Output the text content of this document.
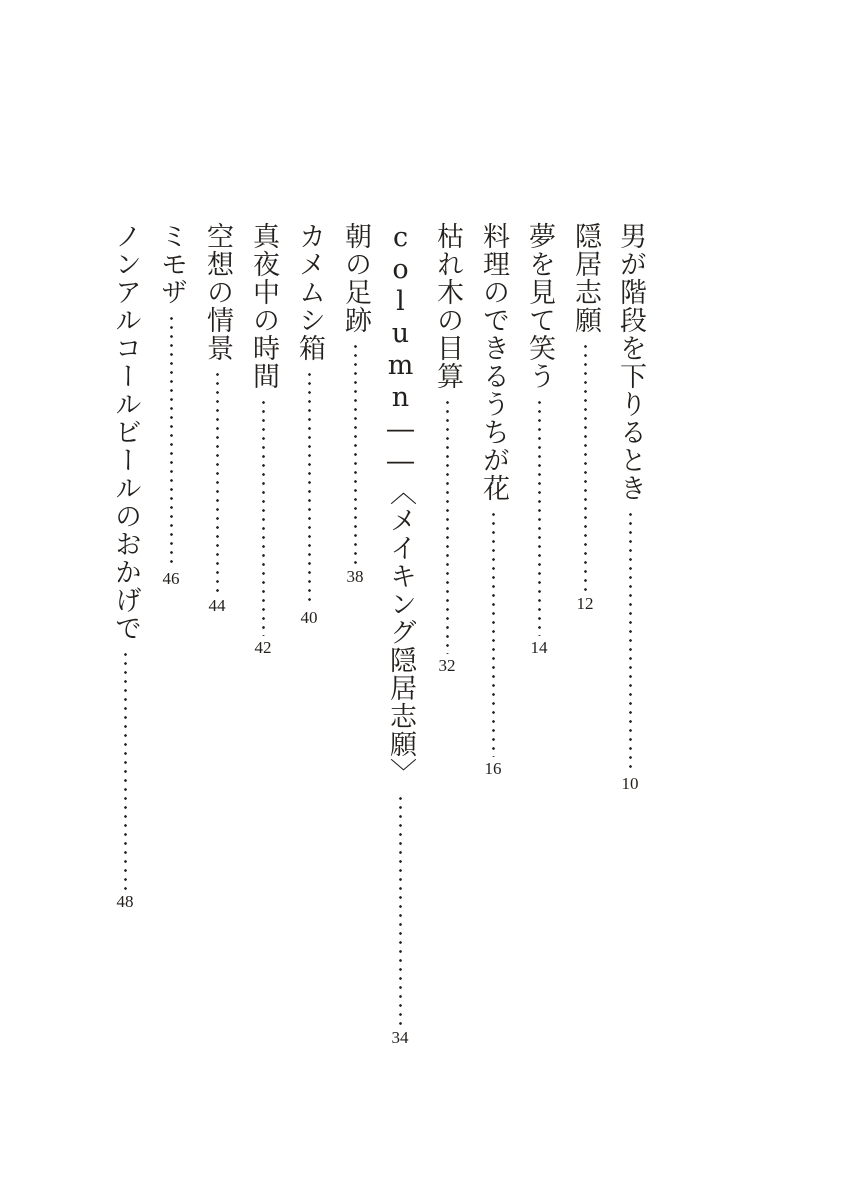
男が階段を下りるとき
10
隠居志願
12
夢を見て笑う
14
料理のできるうちが花
16
枯れ木の目算
32
column――〈メイキング隠居志願〉
34
朝の足跡
38
カメムシ箱
40
真夜中の時間
42
空想の情景
44
ミモザ
46
ノンアルコールビールのおかげで
48
